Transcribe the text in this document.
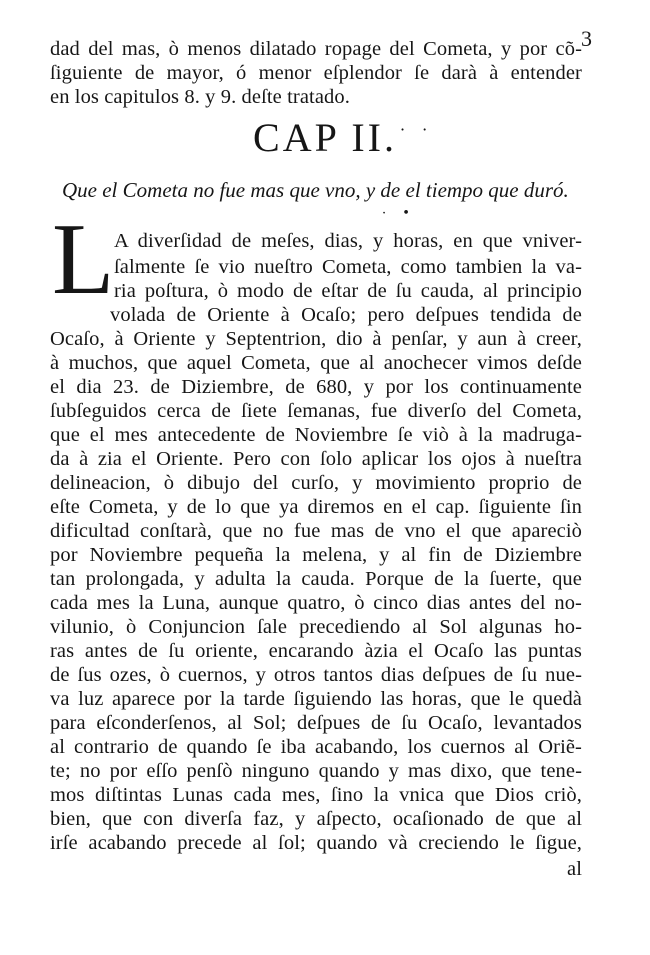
3
dad del mas, ò menos dilatado ropage del Cometa, y por cõ-
ſiguiente de mayor, ó menor eſplendor ſe darà à entender
en los capitulos 8. y 9. deſte tratado.
CAP II. · ·
Que el Cometa no fue mas que vno, y de el tiempo que duró.
· •
L A diverſidad de meſes, dias, y horas, en que vniver-
ſalmente ſe vio nueſtro Cometa, como tambien la va-
ria poſtura, ò modo de eſtar de ſu cauda, al principio
volada de Oriente à Ocaſo; pero deſpues tendida de
Ocaſo, à Oriente y Septentrion, dio à penſar, y aun à creer,
à muchos, que aquel Cometa, que al anochecer vimos deſde
el dia 23. de Diziembre, de 680, y por los continuamente
ſubſeguidos cerca de ſiete ſemanas, fue diverſo del Cometa,
que el mes antecedente de Noviembre ſe viò à la madruga-
da à zia el Oriente. Pero con ſolo aplicar los ojos à nueſtra
delineacion, ò dibujo del curſo, y movimiento proprio de
eſte Cometa, y de lo que ya diremos en el cap. ſiguiente ſin
dificultad conſtarà, que no fue mas de vno el que apareciò
por Noviembre pequeña la melena, y al fin de Diziembre
tan prolongada, y adulta la cauda. Porque de la ſuerte, que
cada mes la Luna, aunque quatro, ò cinco dias antes del no-
vilunio, ò Conjuncion ſale precediendo al Sol algunas ho-
ras antes de ſu oriente, encarando àzia el Ocaſo las puntas
de ſus ozes, ò cuernos, y otros tantos dias deſpues de ſu nue-
va luz aparece por la tarde ſiguiendo las horas, que le quedà
para eſconderſenos, al Sol; deſpues de ſu Ocaſo, levantados
al contrario de quando ſe iba acabando, los cuernos al Oriẽ-
te; no por eſſo penſò ninguno quando y mas dixo, que tene-
mos diſtintas Lunas cada mes, ſino la vnica que Dios criò,
bien, que con diverſa faz, y aſpecto, ocaſionado de que al
irſe acabando precede al ſol; quando và creciendo le ſigue,
al
